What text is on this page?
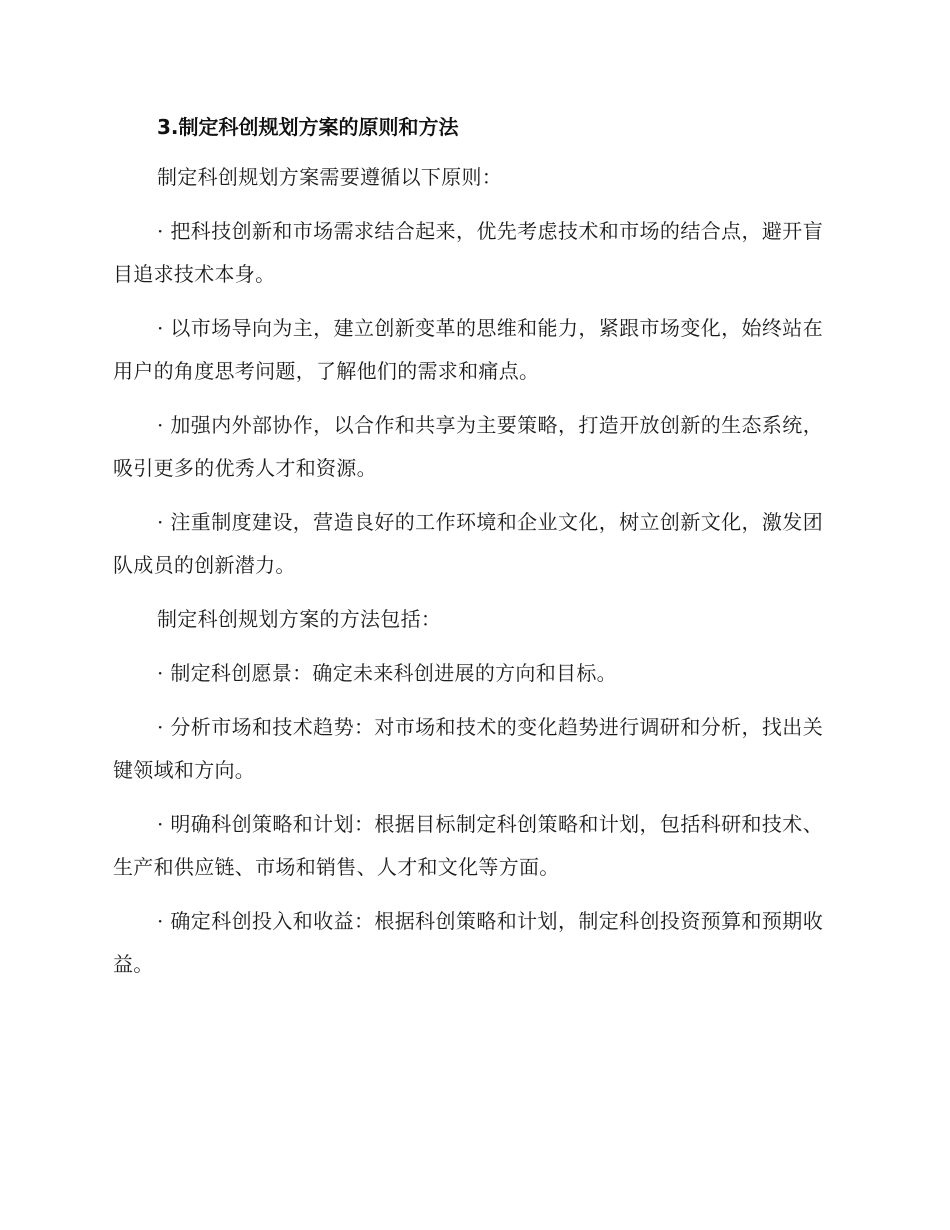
3.制定科创规划方案的原则和方法

制定科创规划方案需要遵循以下原则：

· 把科技创新和市场需求结合起来，优先考虑技术和市场的结合点，避开盲目追求技术本身。

· 以市场导向为主，建立创新变革的思维和能力，紧跟市场变化，始终站在用户的角度思考问题，了解他们的需求和痛点。

· 加强内外部协作，以合作和共享为主要策略，打造开放创新的生态系统，吸引更多的优秀人才和资源。

· 注重制度建设，营造良好的工作环境和企业文化，树立创新文化，激发团队成员的创新潜力。

制定科创规划方案的方法包括：

· 制定科创愿景：确定未来科创进展的方向和目标。

· 分析市场和技术趋势：对市场和技术的变化趋势进行调研和分析，找出关键领域和方向。

· 明确科创策略和计划：根据目标制定科创策略和计划，包括科研和技术、生产和供应链、市场和销售、人才和文化等方面。

· 确定科创投入和收益：根据科创策略和计划，制定科创投资预算和预期收益。
